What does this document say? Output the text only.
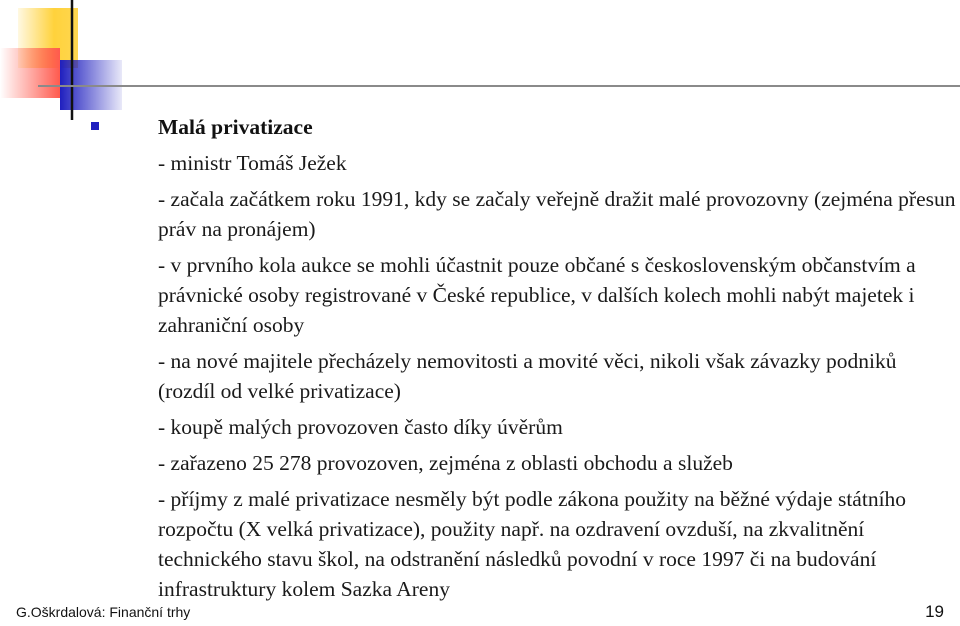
Malá privatizace
- ministr Tomáš Ježek
- začala začátkem roku 1991, kdy se začaly veřejně dražit malé provozovny (zejména přesun práv na pronájem)
- v prvního kola aukce se mohli účastnit pouze občané s československým občanstvím a právnické osoby registrované v České republice, v dalších kolech mohli nabýt majetek i zahraniční osoby
- na nové majitele přecházely nemovitosti a movité věci, nikoli však závazky podniků (rozdíl od velké privatizace)
- koupě malých provozoven často díky úvěrům
- zařazeno 25 278 provozoven, zejména z oblasti obchodu a služeb
- příjmy z malé privatizace nesměly být podle zákona použity na běžné výdaje státního rozpočtu (X velká privatizace), použity např. na ozdravení ovzduší, na zkvalitnění technického stavu škol, na odstranění následků povodní v roce 1997 či na budování infrastruktury kolem Sazka Areny
G.Oškrdalová: Finanční trhy	19
